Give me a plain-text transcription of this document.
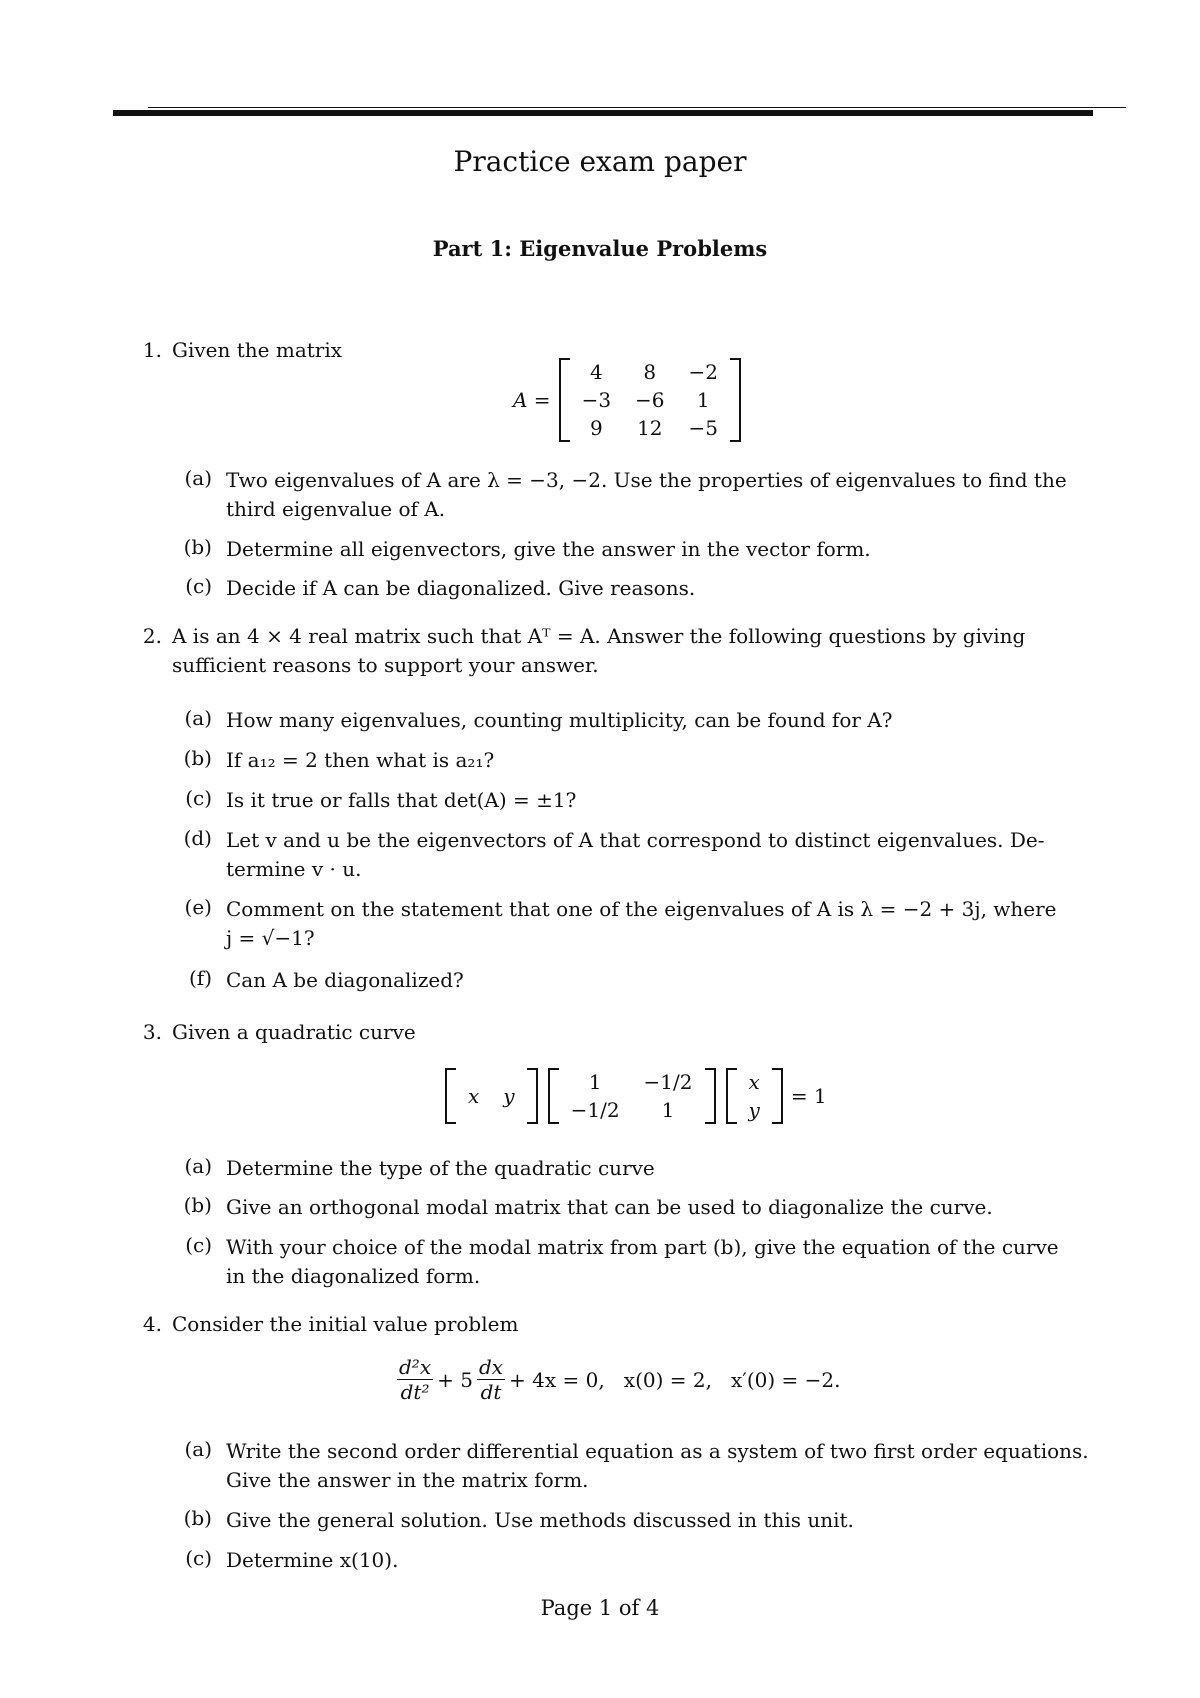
Practice exam paper
Part 1: Eigenvalue Problems
1. Given the matrix
A =
4	8	−2
−3	−6	1
9	12	−5
(a) Two eigenvalues of A are λ = −3, −2. Use the properties of eigenvalues to find the
third eigenvalue of A.
(b) Determine all eigenvectors, give the answer in the vector form.
(c) Decide if A can be diagonalized. Give reasons.
2. A is an 4 × 4 real matrix such that Aᵀ = A. Answer the following questions by giving
sufficient reasons to support your answer.
(a) How many eigenvalues, counting multiplicity, can be found for A?
(b) If a₁₂ = 2 then what is a₂₁?
(c) Is it true or falls that det(A) = ±1?
(d) Let v and u be the eigenvectors of A that correspond to distinct eigenvalues. De-
termine v · u.
(e) Comment on the statement that one of the eigenvalues of A is λ = −2 + 3j, where
j = √−1?
(f) Can A be diagonalized?
3. Given a quadratic curve
x	y
1	−1/2
−1/2	1
x
y
= 1
(a) Determine the type of the quadratic curve
(b) Give an orthogonal modal matrix that can be used to diagonalize the curve.
(c) With your choice of the modal matrix from part (b), give the equation of the curve
in the diagonalized form.
4. Consider the initial value problem
$\frac{\text{d²x}}{\text{dt²}} + 5 \frac{dx}{dt} + 4x = 0$,   x(0) = 2,   x′(0) = −2.
(a) Write the second order differential equation as a system of two first order equations.
Give the answer in the matrix form.
(b) Give the general solution. Use methods discussed in this unit.
(c) Determine x(10).
Page 1 of 4
